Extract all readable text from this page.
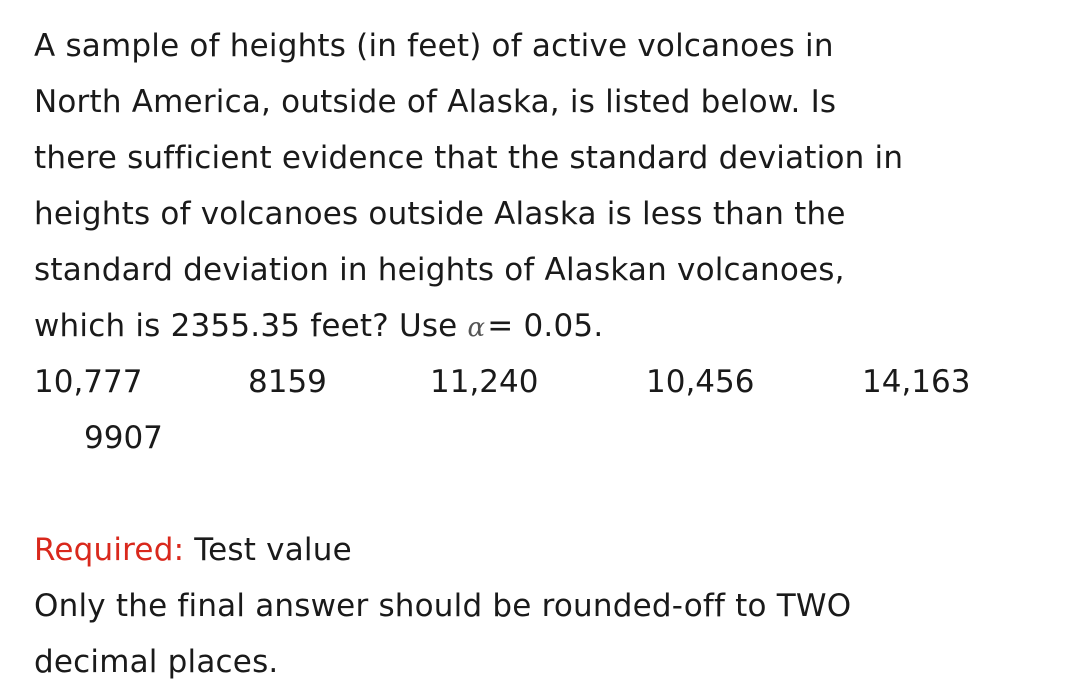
A sample of heights (in feet) of active volcanoes in
North America, outside of Alaska, is listed below. Is
there sufficient evidence that the standard deviation in
heights of volcanoes outside Alaska is less than the
standard deviation in heights of Alaskan volcanoes,
which is 2355.35 feet? Use α= 0.05.
10,777	8159	11,240	10,456	14,163
9907
Required: Test value
Only the final answer should be rounded-off to TWO
decimal places.
